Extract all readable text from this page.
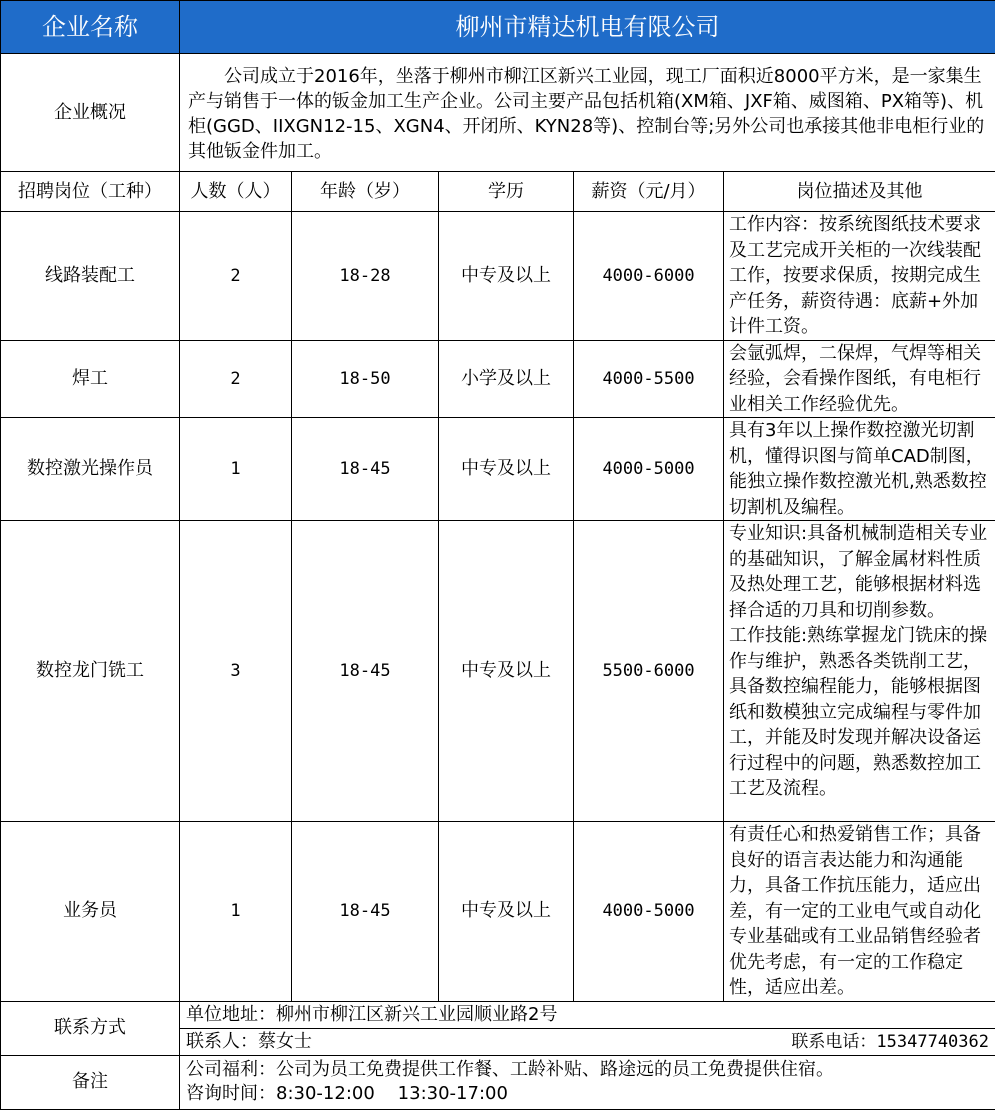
企业名称	柳州市精达机电有限公司				
企业概况	公司成立于2016年，坐落于柳州市柳江区新兴工业园，现工厂面积近8000平方米，是一家集生产与销售于一体的钣金加工生产企业。公司主要产品包括机箱(XM箱、JXF箱、威图箱、PX箱等)、机柜(GGD、IIXGN12-15、XGN4、开闭所、KYN28等)、控制台等;另外公司也承接其他非电柜行业的其他钣金件加工。				
招聘岗位（工种）	人数（人）	年龄（岁）	学历	薪资（元/月）	岗位描述及其他
线路装配工	2	18-28	中专及以上	4000-6000	工作内容：按系统图纸技术要求及工艺完成开关柜的一次线装配工作，按要求保质，按期完成生产任务，薪资待遇：底薪+外加计件工资。
焊工	2	18-50	小学及以上	4000-5500	会氩弧焊，二保焊，气焊等相关经验，会看操作图纸，有电柜行业相关工作经验优先。
数控激光操作员	1	18-45	中专及以上	4000-5000	具有3年以上操作数控激光切割机，懂得识图与简单CAD制图，能独立操作数控激光机,熟悉数控切割机及编程。
数控龙门铣工	3	18-45	中专及以上	5500-6000	专业知识:具备机械制造相关专业的基础知识，了解金属材料性质及热处理工艺，能够根据材料选择合适的刀具和切削参数。
工作技能:熟练掌握龙门铣床的操作与维护，熟悉各类铣削工艺，具备数控编程能力，能够根据图纸和数模独立完成编程与零件加工，并能及时发现并解决设备运行过程中的问题，熟悉数控加工工艺及流程。

业务员	1	18-45	中专及以上	4000-5000	有责任心和热爱销售工作；具备良好的语言表达能力和沟通能力，具备工作抗压能力，适应出差，有一定的工业电气或自动化专业基础或有工业品销售经验者优先考虑，有一定的工作稳定性，适应出差。
联系方式	单位地址：柳州市柳江区新兴工业园顺业路2号				

	联系人：蔡女士 联系电话：15347740362				

备注	公司福利：公司为员工免费提供工作餐、工龄补贴、路途远的员工免费提供住宿。
咨询时间：8:30-12:00    13:30-17:00				
